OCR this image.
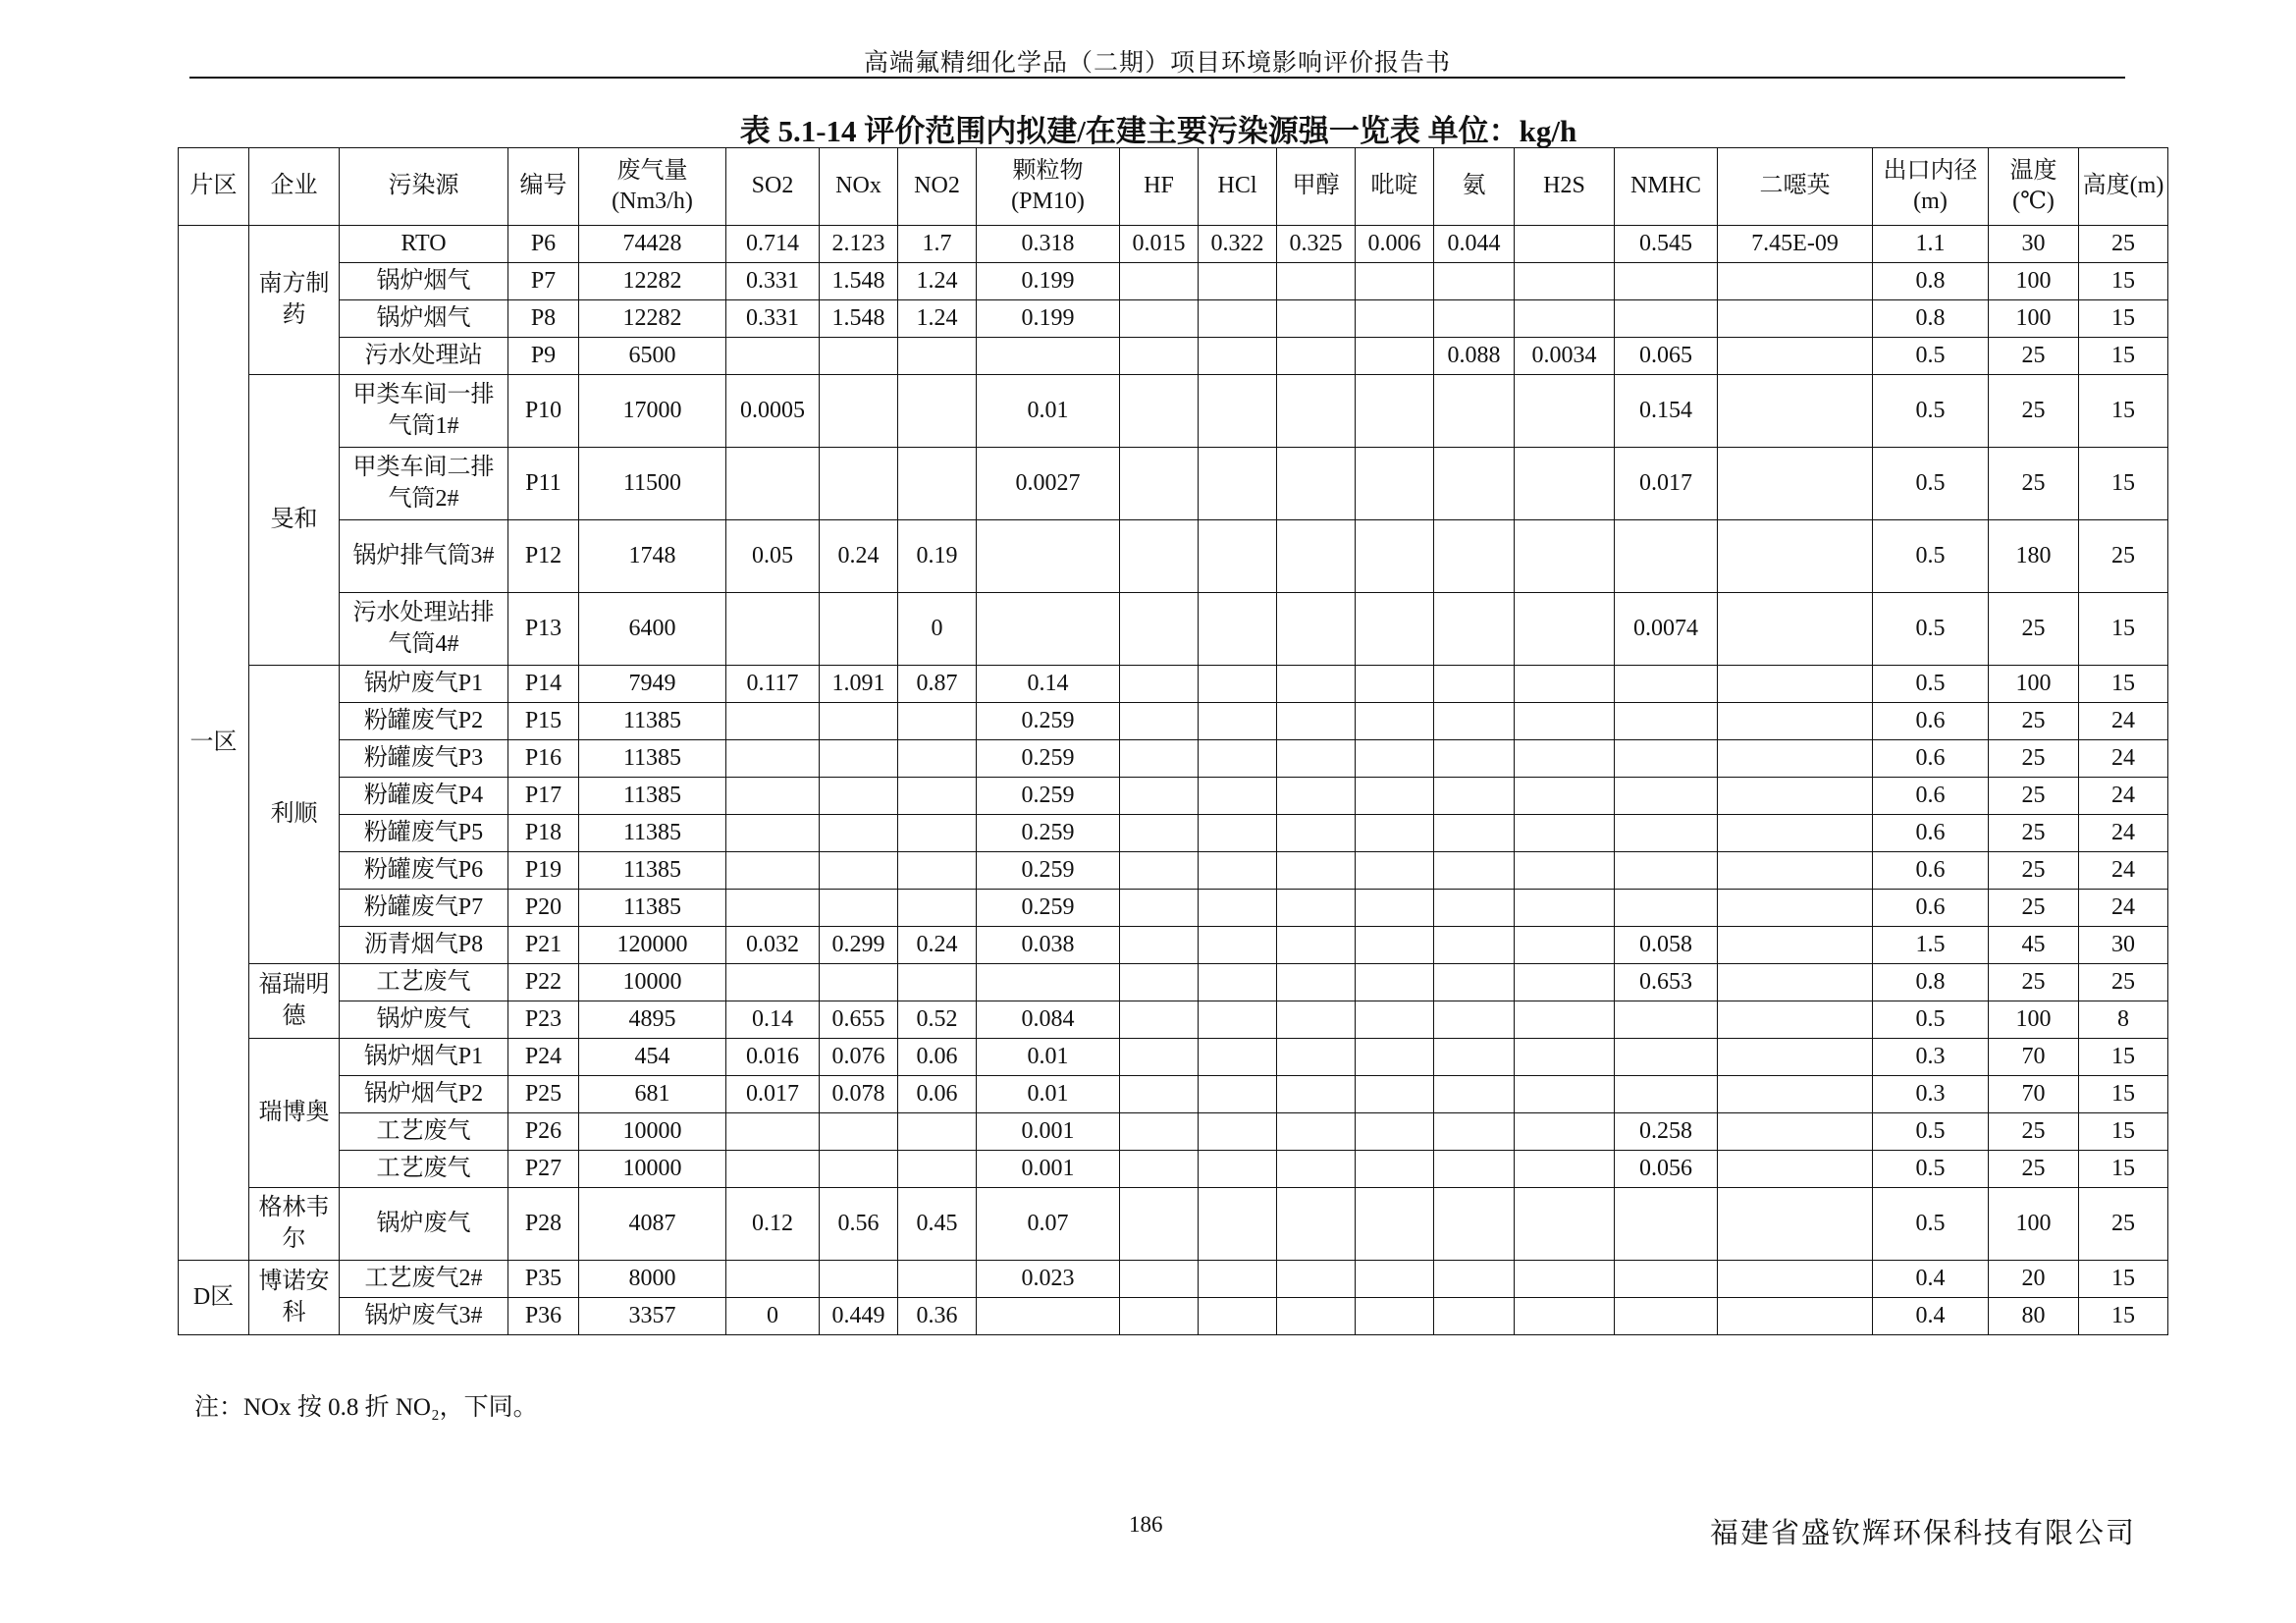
高端氟精细化学品（二期）项目环境影响评价报告书
表 5.1-14 评价范围内拟建/在建主要污染源强一览表 单位：kg/h
片区	企业	污染源	编号	废气量(Nm3/h)	SO2	NOx	NO2	颗粒物(PM10)	HF	HCl	甲醇	吡啶	氨	H2S	NMHC	二噁英	出口内径(m)	温度(℃)	高度(m)
一区	南方制药	RTO	P6	74428	0.714	2.123	1.7	0.318	0.015	0.322	0.325	0.006	0.044		0.545	7.45E-09	1.1	30	25
		锅炉烟气	P7	12282	0.331	1.548	1.24	0.199									0.8	100	15
		锅炉烟气	P8	12282	0.331	1.548	1.24	0.199									0.8	100	15
		污水处理站	P9	6500									0.088	0.0034	0.065		0.5	25	15
	旻和	甲类车间一排气筒1#	P10	17000	0.0005			0.01							0.154		0.5	25	15
		甲类车间二排气筒2#	P11	11500				0.0027							0.017		0.5	25	15
		锅炉排气筒3#	P12	1748	0.05	0.24	0.19										0.5	180	25
		污水处理站排气筒4#	P13	6400			0								0.0074		0.5	25	15
	利顺	锅炉废气P1	P14	7949	0.117	1.091	0.87	0.14									0.5	100	15
		粉罐废气P2	P15	11385				0.259									0.6	25	24
		粉罐废气P3	P16	11385				0.259									0.6	25	24
		粉罐废气P4	P17	11385				0.259									0.6	25	24
		粉罐废气P5	P18	11385				0.259									0.6	25	24
		粉罐废气P6	P19	11385				0.259									0.6	25	24
		粉罐废气P7	P20	11385				0.259									0.6	25	24
		沥青烟气P8	P21	120000	0.032	0.299	0.24	0.038							0.058		1.5	45	30
	福瑞明德	工艺废气	P22	10000											0.653		0.8	25	25
		锅炉废气	P23	4895	0.14	0.655	0.52	0.084									0.5	100	8
	瑞博奥	锅炉烟气P1	P24	454	0.016	0.076	0.06	0.01									0.3	70	15
		锅炉烟气P2	P25	681	0.017	0.078	0.06	0.01									0.3	70	15
		工艺废气	P26	10000				0.001							0.258		0.5	25	15
		工艺废气	P27	10000				0.001							0.056		0.5	25	15
	格林韦尔	锅炉废气	P28	4087	0.12	0.56	0.45	0.07									0.5	100	25
D区	博诺安科	工艺废气2#	P35	8000				0.023									0.4	20	15
		锅炉废气3#	P36	3357	0	0.449	0.36										0.4	80	15
注：NOx 按 0.8 折 NO₂，下同。
186	福建省盛钦辉环保科技有限公司
